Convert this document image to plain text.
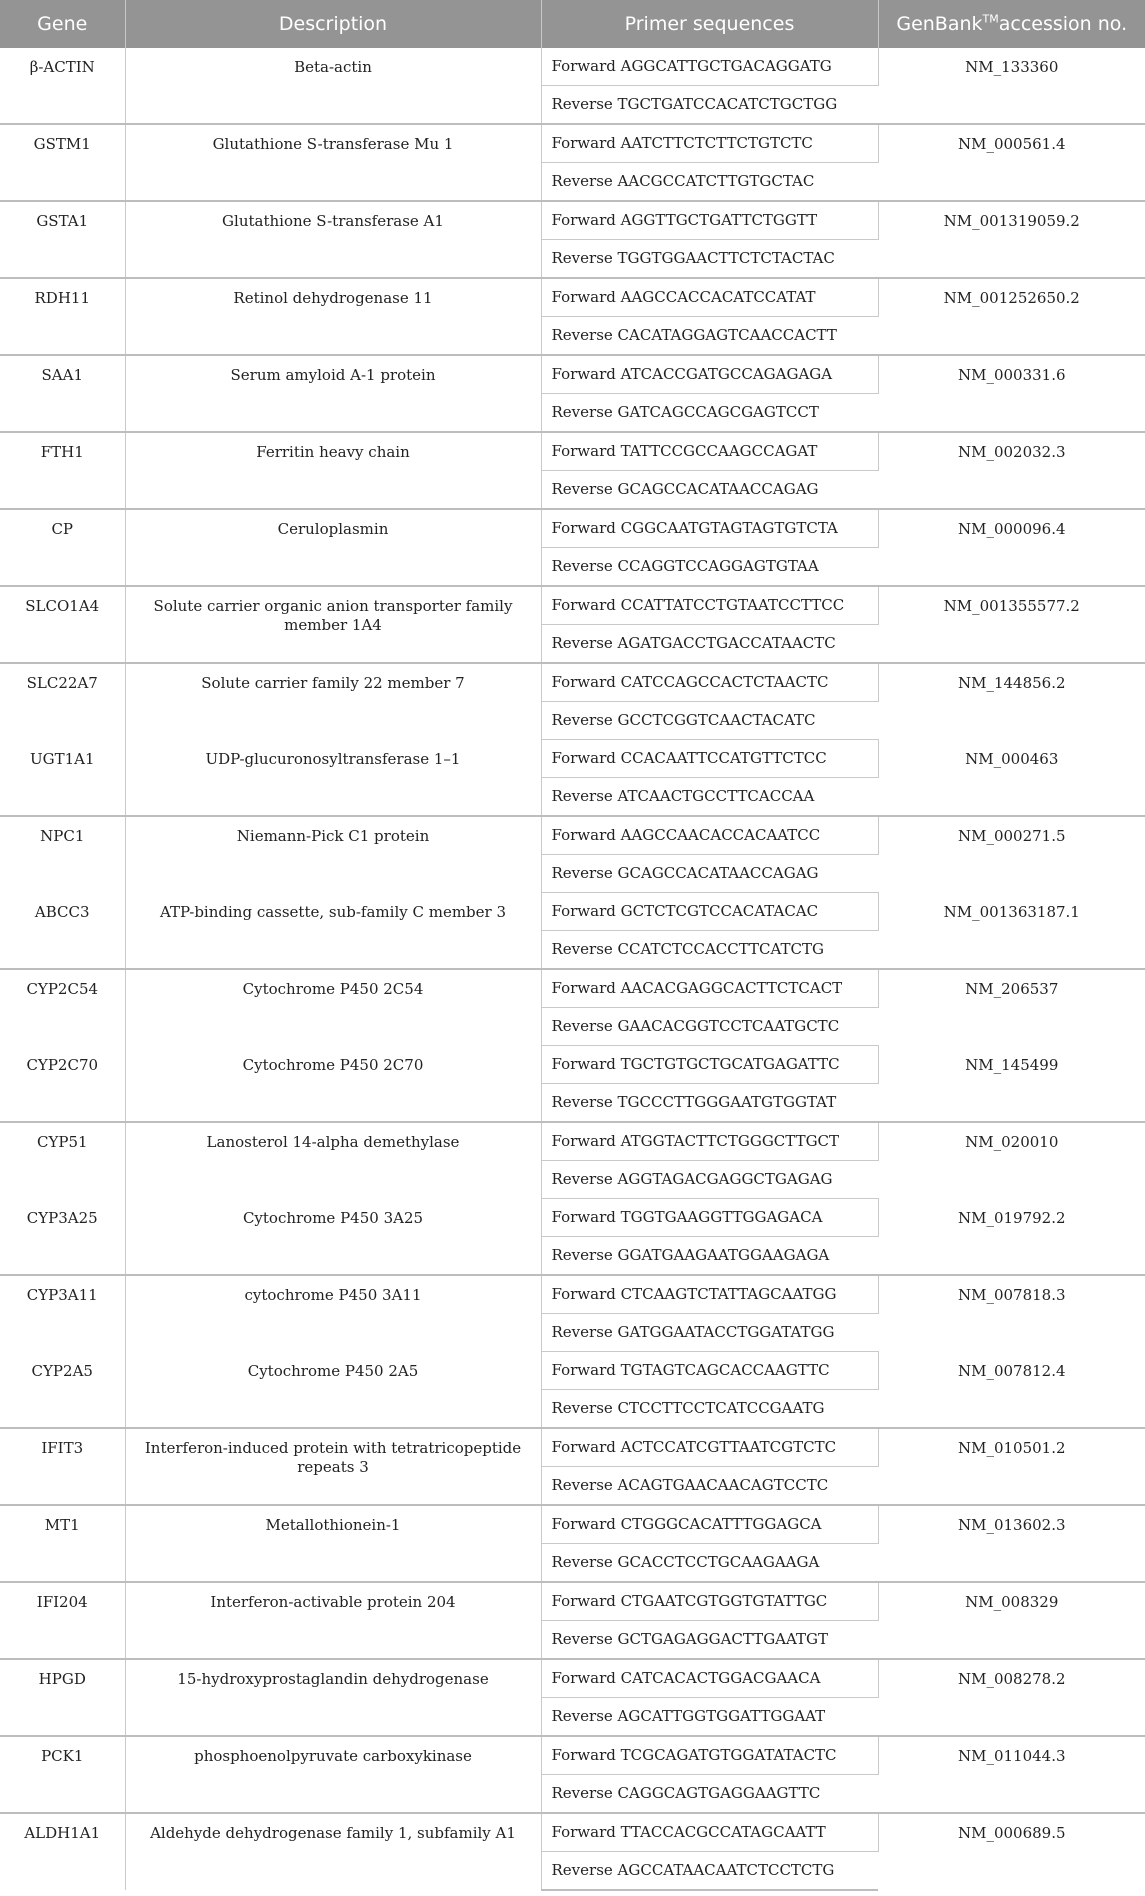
Gene	Description	Primer sequences	GenBank™accession no.
β-ACTIN	Beta-actin	Forward AGGCATTGCTGACAGGATG	NM_133360
		Reverse TGCTGATCCACATCTGCTGG	
GSTM1	Glutathione S-transferase Mu 1	Forward AATCTTCTCTTCTGTCTC	NM_000561.4
		Reverse AACGCCATCTTGTGCTAC	
GSTA1	Glutathione S-transferase A1	Forward AGGTTGCTGATTCTGGTT	NM_001319059.2
		Reverse TGGTGGAACTTCTCTACTAC	
RDH11	Retinol dehydrogenase 11	Forward AAGCCACCACATCCATAT	NM_001252650.2
		Reverse CACATAGGAGTCAACCACTT	
SAA1	Serum amyloid A-1 protein	Forward ATCACCGATGCCAGAGAGA	NM_000331.6
		Reverse GATCAGCCAGCGAGTCCT	
FTH1	Ferritin heavy chain	Forward TATTCCGCCAAGCCAGAT	NM_002032.3
		Reverse GCAGCCACATAACCAGAG	
CP	Ceruloplasmin	Forward CGGCAATGTAGTAGTGTCTA	NM_000096.4
		Reverse CCAGGTCCAGGAGTGTAA	
SLCO1A4	Solute carrier organic anion transporter family member 1A4	Forward CCATTATCCTGTAATCCTTCC	NM_001355577.2
		Reverse AGATGACCTGACCATAACTC	
SLC22A7	Solute carrier family 22 member 7	Forward CATCCAGCCACTCTAACTC	NM_144856.2
		Reverse GCCTCGGTCAACTACATC	
UGT1A1	UDP-glucuronosyltransferase 1–1	Forward CCACAATTCCATGTTCTCC	NM_000463
		Reverse ATCAACTGCCTTCACCAA	
NPC1	Niemann-Pick C1 protein	Forward AAGCCAACACCACAATCC	NM_000271.5
		Reverse GCAGCCACATAACCAGAG	
ABCC3	ATP-binding cassette, sub-family C member 3	Forward GCTCTCGTCCACATACAC	NM_001363187.1
		Reverse CCATCTCCACCTTCATCTG	
CYP2C54	Cytochrome P450 2C54	Forward AACACGAGGCACTTCTCACT	NM_206537
		Reverse GAACACGGTCCTCAATGCTC	
CYP2C70	Cytochrome P450 2C70	Forward TGCTGTGCTGCATGAGATTC	NM_145499
		Reverse TGCCCTTGGGAATGTGGTAT	
CYP51	Lanosterol 14-alpha demethylase	Forward ATGGTACTTCTGGGCTTGCT	NM_020010
		Reverse AGGTAGACGAGGCTGAGAG	
CYP3A25	Cytochrome P450 3A25	Forward TGGTGAAGGTTGGAGACA	NM_019792.2
		Reverse GGATGAAGAATGGAAGAGA	
CYP3A11	cytochrome P450 3A11	Forward CTCAAGTCTATTAGCAATGG	NM_007818.3
		Reverse GATGGAATACCTGGATATGG	
CYP2A5	Cytochrome P450 2A5	Forward TGTAGTCAGCACCAAGTTC	NM_007812.4
		Reverse CTCCTTCCTCATCCGAATG	
IFIT3	Interferon-induced protein with tetratricopeptide repeats 3	Forward ACTCCATCGTTAATCGTCTC	NM_010501.2
		Reverse ACAGTGAACAACAGTCCTC	
MT1	Metallothionein-1	Forward CTGGGCACATTTGGAGCA	NM_013602.3
		Reverse GCACCTCCTGCAAGAAGA	
IFI204	Interferon-activable protein 204	Forward CTGAATCGTGGTGTATTGC	NM_008329
		Reverse GCTGAGAGGACTTGAATGT	
HPGD	15-hydroxyprostaglandin dehydrogenase	Forward CATCACACTGGACGAACA	NM_008278.2
		Reverse AGCATTGGTGGATTGGAAT	
PCK1	phosphoenolpyruvate carboxykinase	Forward TCGCAGATGTGGATATACTC	NM_011044.3
		Reverse CAGGCAGTGAGGAAGTTC	
ALDH1A1	Aldehyde dehydrogenase family 1, subfamily A1	Forward TTACCACGCCATAGCAATT	NM_000689.5
		Reverse AGCCATAACAATCTCCTCTG	
